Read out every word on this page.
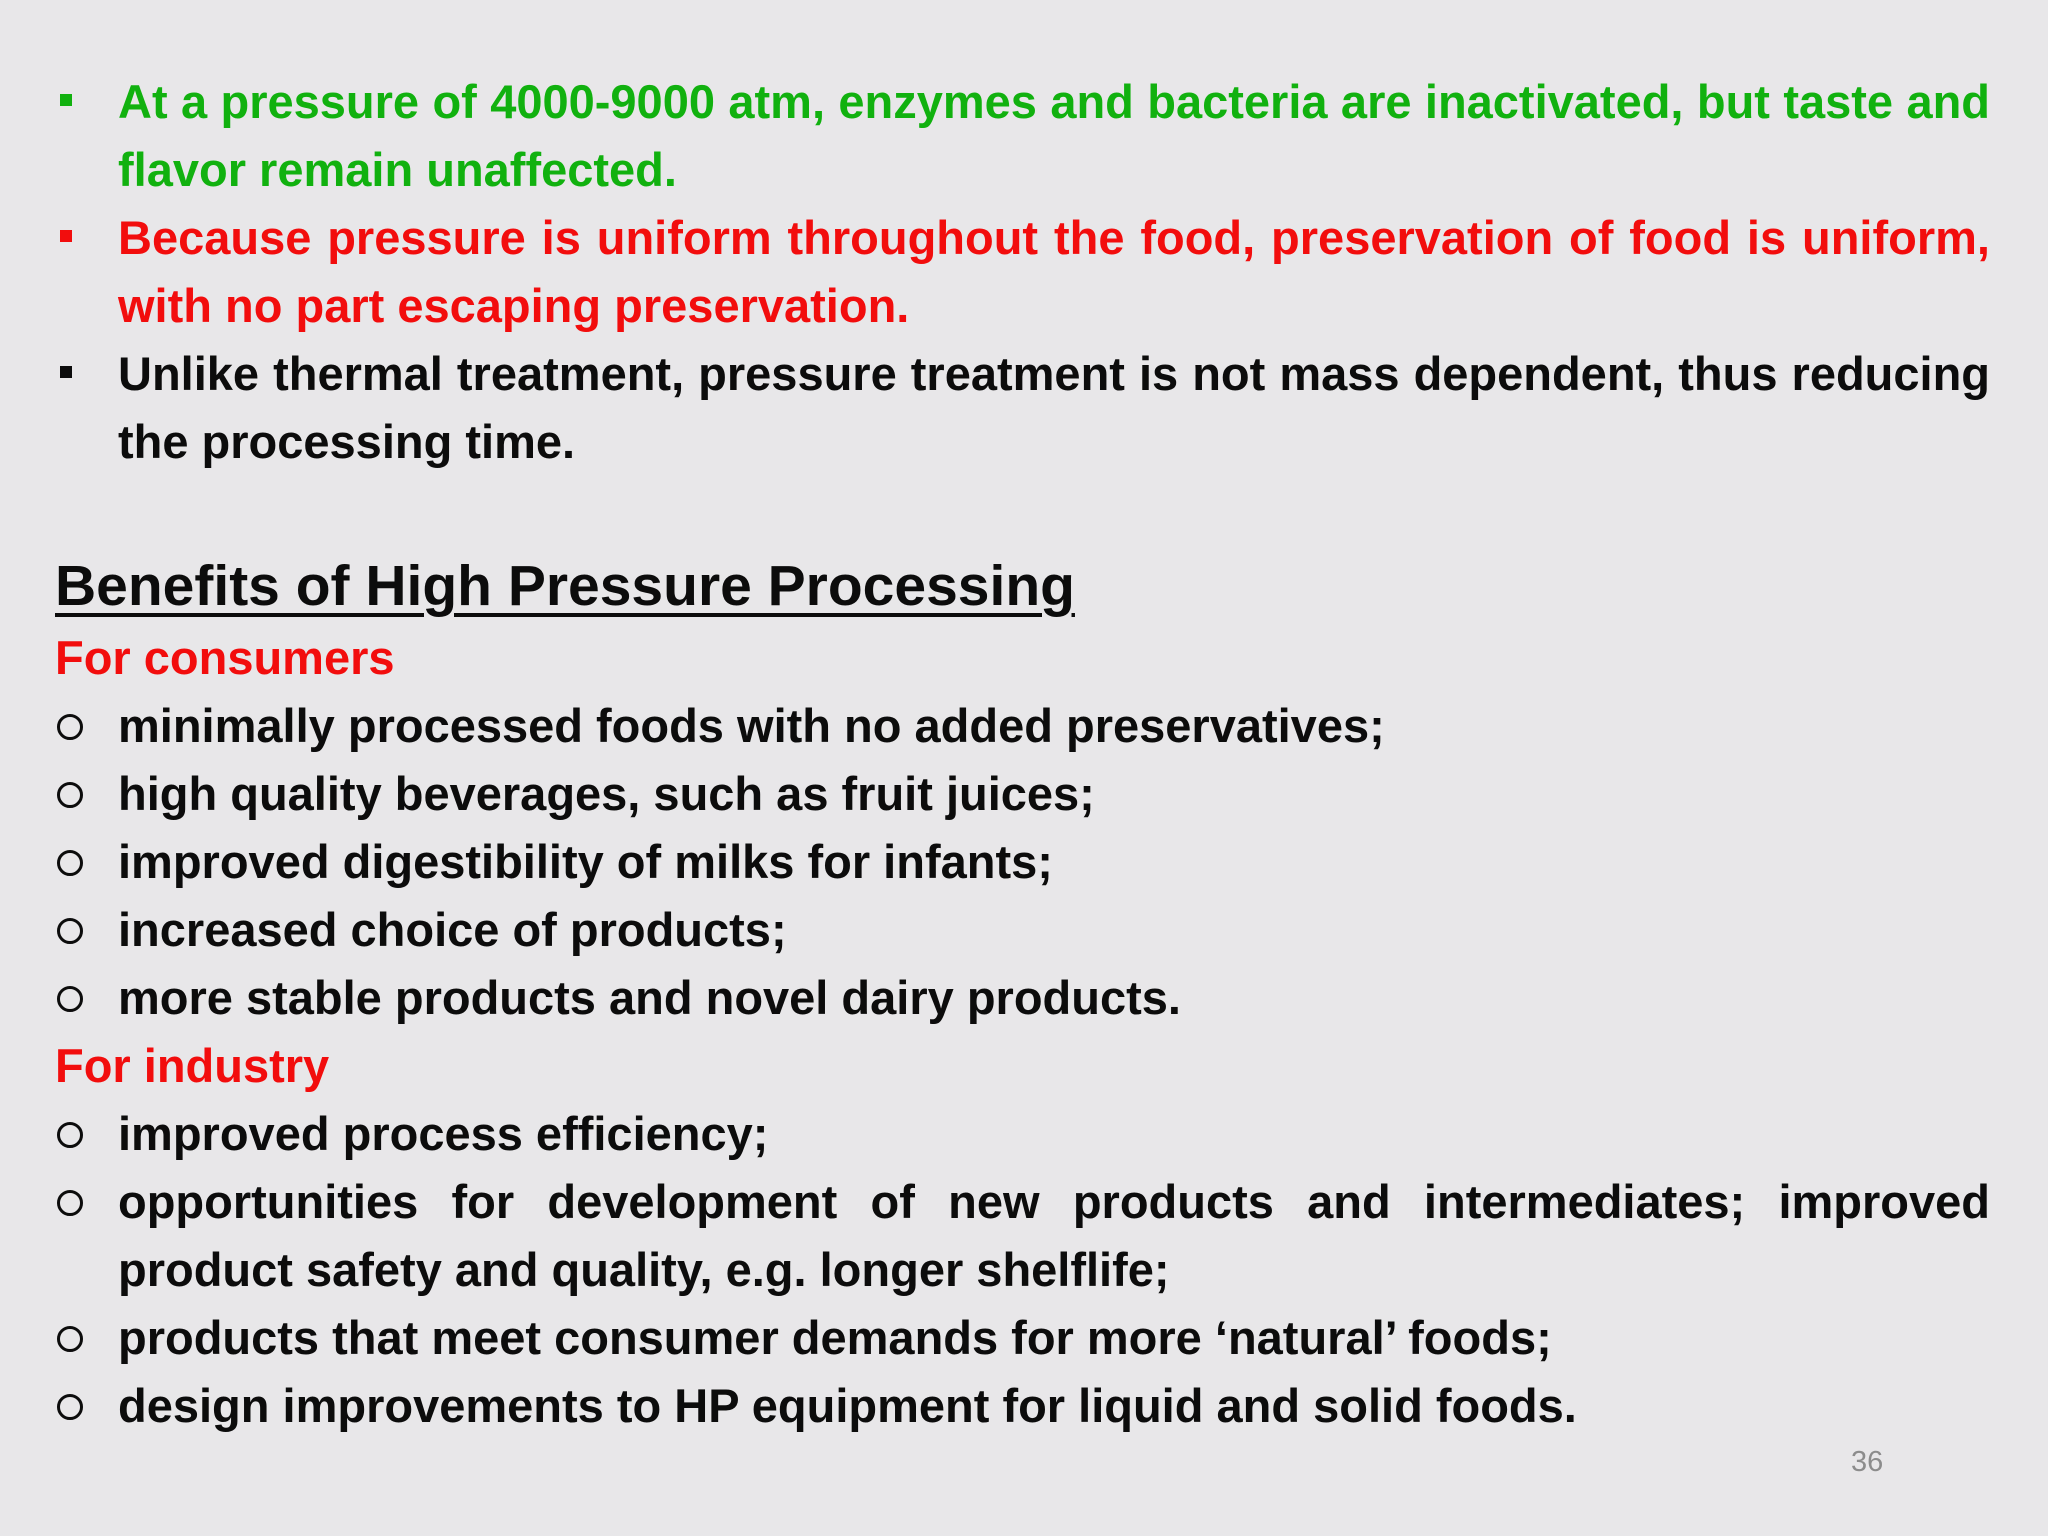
At a pressure of 4000-9000 atm, enzymes and bacteria are inactivated, but taste and flavor remain unaffected.
Because pressure is uniform throughout the food, preservation of food is uniform, with no part escaping preservation.
Unlike thermal treatment, pressure treatment is not mass dependent, thus reducing the processing time.
Benefits of High Pressure Processing

For consumers

minimally processed foods with no added preservatives;
high quality beverages, such as fruit juices;
improved digestibility of milks for infants;
increased choice of products;
more stable products and novel dairy products.

For industry

improved process efficiency;
opportunities for development of new products and intermediates; improved product safety and quality, e.g. longer shelflife;
products that meet consumer demands for more ‘natural’ foods;
design improvements to HP equipment for liquid and solid foods.
36
